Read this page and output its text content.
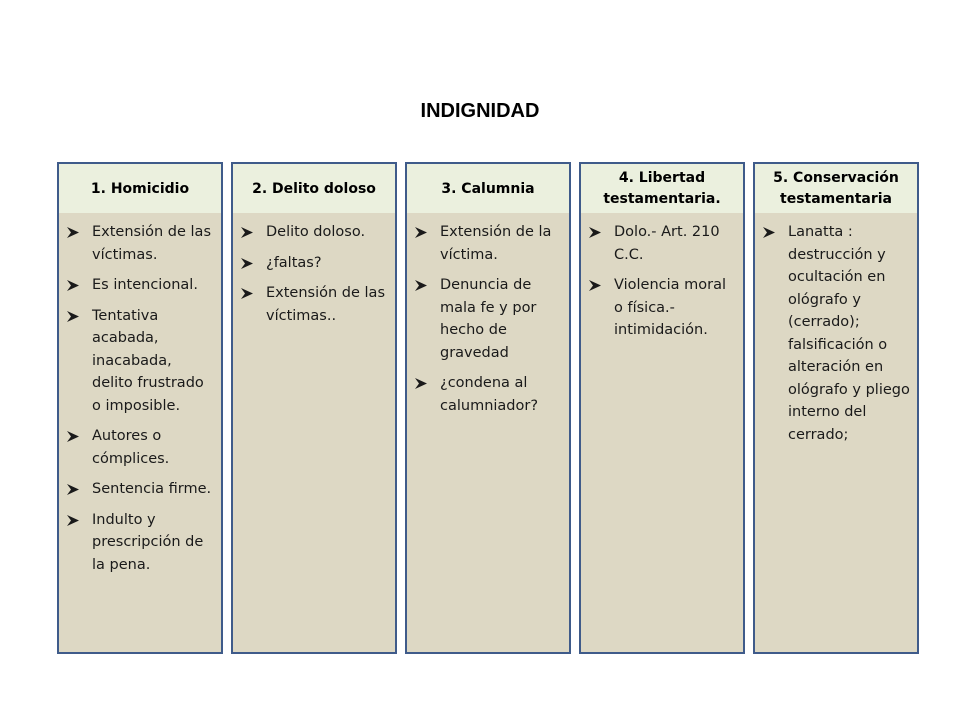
INDIGNIDAD
1. Homicidio
Extensión de las víctimas.
Es intencional.
Tentativa acabada, inacabada, delito frustrado o imposible.
Autores o cómplices.
Sentencia firme.
Indulto y prescripción de la pena.
2. Delito doloso
Delito doloso.
¿faltas?
Extensión de las víctimas..
3. Calumnia
Extensión de la víctima.
Denuncia de mala fe y por hecho de gravedad
¿condena al calumniador?
4. Libertad testamentaria.
Dolo.- Art. 210 C.C.
Violencia moral o física.- intimidación.
5. Conservación testamentaria
Lanatta : destrucción y ocultación en ológrafo y (cerrado); falsificación o alteración en ológrafo y pliego interno del cerrado;
